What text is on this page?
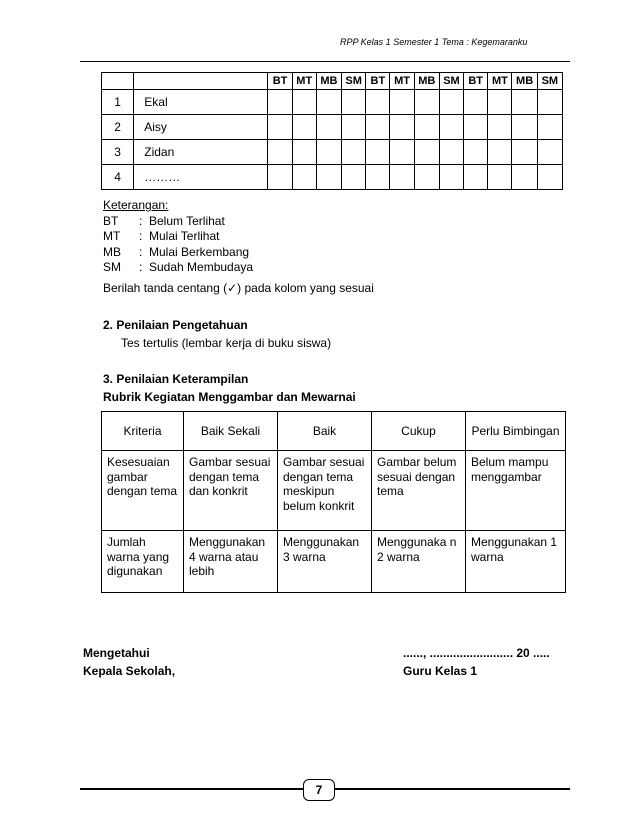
RPP Kelas 1 Semester 1 Tema : Kegemaranku
		BT	MT	MB	SM	BT	MT	MB	SM	BT	MT	MB	SM
1	Ekal												
2	Aisy												
3	Zidan												
4	………												
Keterangan:
BT : Belum Terlihat
MT : Mulai Terlihat
MB : Mulai Berkembang
SM : Sudah Membudaya
Berilah tanda centang (✓) pada kolom yang sesuai
2. Penilaian Pengetahuan
Tes tertulis (lembar kerja di buku siswa)
3. Penilaian Keterampilan
Rubrik Kegiatan Menggambar dan Mewarnai
Kriteria	Baik Sekali	Baik	Cukup	Perlu Bimbingan
Kesesuaian gambar dengan tema	Gambar sesuai dengan tema dan konkrit	Gambar sesuai dengan tema meskipun belum konkrit	Gambar belum sesuai dengan tema	Belum mampu menggambar
Jumlah warna yang digunakan	Menggunakan 4 warna atau lebih	Menggunakan 3 warna	Menggunaka n 2 warna	Menggunakan 1 warna
Mengetahui
Kepala Sekolah,
......, ......................... 20 .....
Guru Kelas 1
7
